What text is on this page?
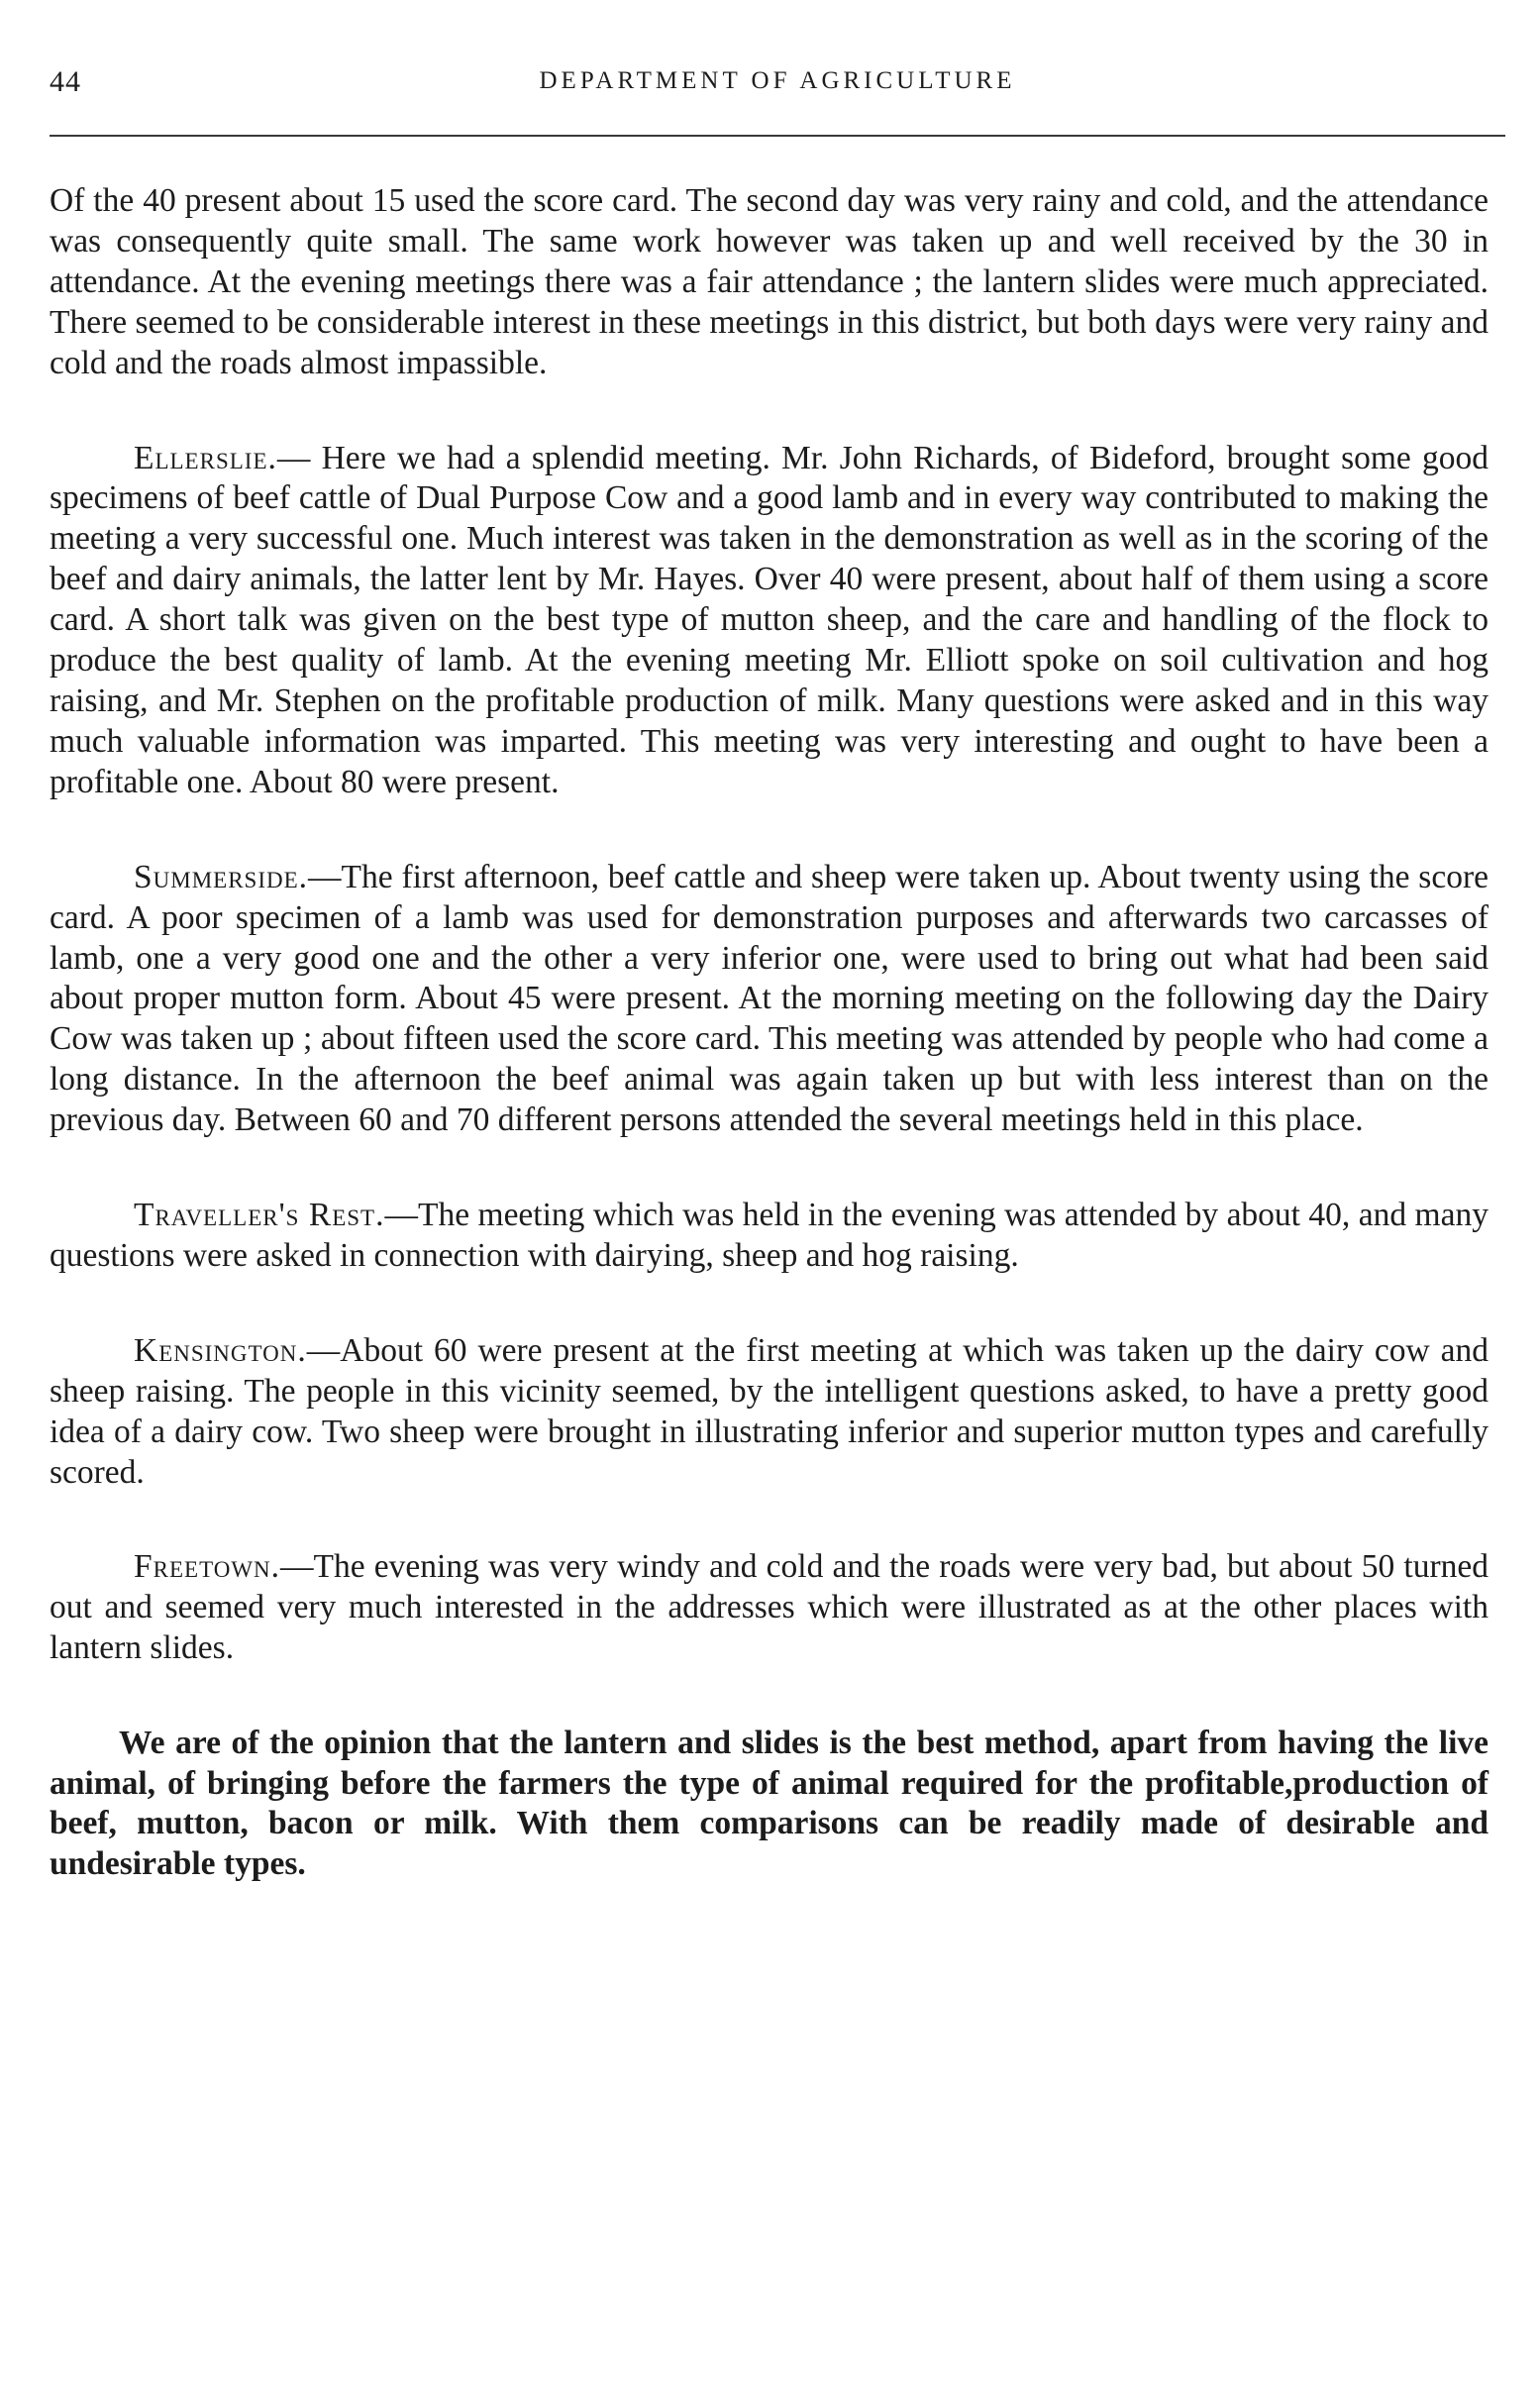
44	DEPARTMENT OF AGRICULTURE

Of the 40 present about 15 used the score card. The second day was very rainy and cold, and the attendance was consequently quite small. The same work however was taken up and well received by the 30 in attendance. At the evening meetings there was a fair attendance ; the lantern slides were much appreciated. There seemed to be considerable interest in these meetings in this district, but both days were very rainy and cold and the roads almost impassible.

Ellerslie.— Here we had a splendid meeting. Mr. John Richards, of Bideford, brought some good specimens of beef cattle of Dual Purpose Cow and a good lamb and in every way contributed to making the meeting a very successful one. Much interest was taken in the demonstration as well as in the scoring of the beef and dairy animals, the latter lent by Mr. Hayes. Over 40 were present, about half of them using a score card. A short talk was given on the best type of mutton sheep, and the care and handling of the flock to produce the best quality of lamb. At the evening meeting Mr. Elliott spoke on soil cultivation and hog raising, and Mr. Stephen on the profitable production of milk. Many questions were asked and in this way much valuable information was imparted. This meeting was very interesting and ought to have been a profitable one. About 80 were present.

Summerside.—The first afternoon, beef cattle and sheep were taken up. About twenty using the score card. A poor specimen of a lamb was used for demonstration purposes and afterwards two carcasses of lamb, one a very good one and the other a very inferior one, were used to bring out what had been said about proper mutton form. About 45 were present. At the morning meeting on the following day the Dairy Cow was taken up ; about fifteen used the score card. This meeting was attended by people who had come a long distance. In the afternoon the beef animal was again taken up but with less interest than on the previous day. Between 60 and 70 different persons attended the several meetings held in this place.

Traveller's Rest.—The meeting which was held in the evening was attended by about 40, and many questions were asked in connection with dairying, sheep and hog raising.

Kensington.—About 60 were present at the first meeting at which was taken up the dairy cow and sheep raising. The people in this vicinity seemed, by the intelligent questions asked, to have a pretty good idea of a dairy cow. Two sheep were brought in illustrating inferior and superior mutton types and carefully scored.

Freetown.—The evening was very windy and cold and the roads were very bad, but about 50 turned out and seemed very much interested in the addresses which were illustrated as at the other places with lantern slides.

We are of the opinion that the lantern and slides is the best method, apart from having the live animal, of bringing before the farmers the type of animal required for the profitable,production of beef, mutton, bacon or milk. With them comparisons can be readily made of desirable and undesirable types.
